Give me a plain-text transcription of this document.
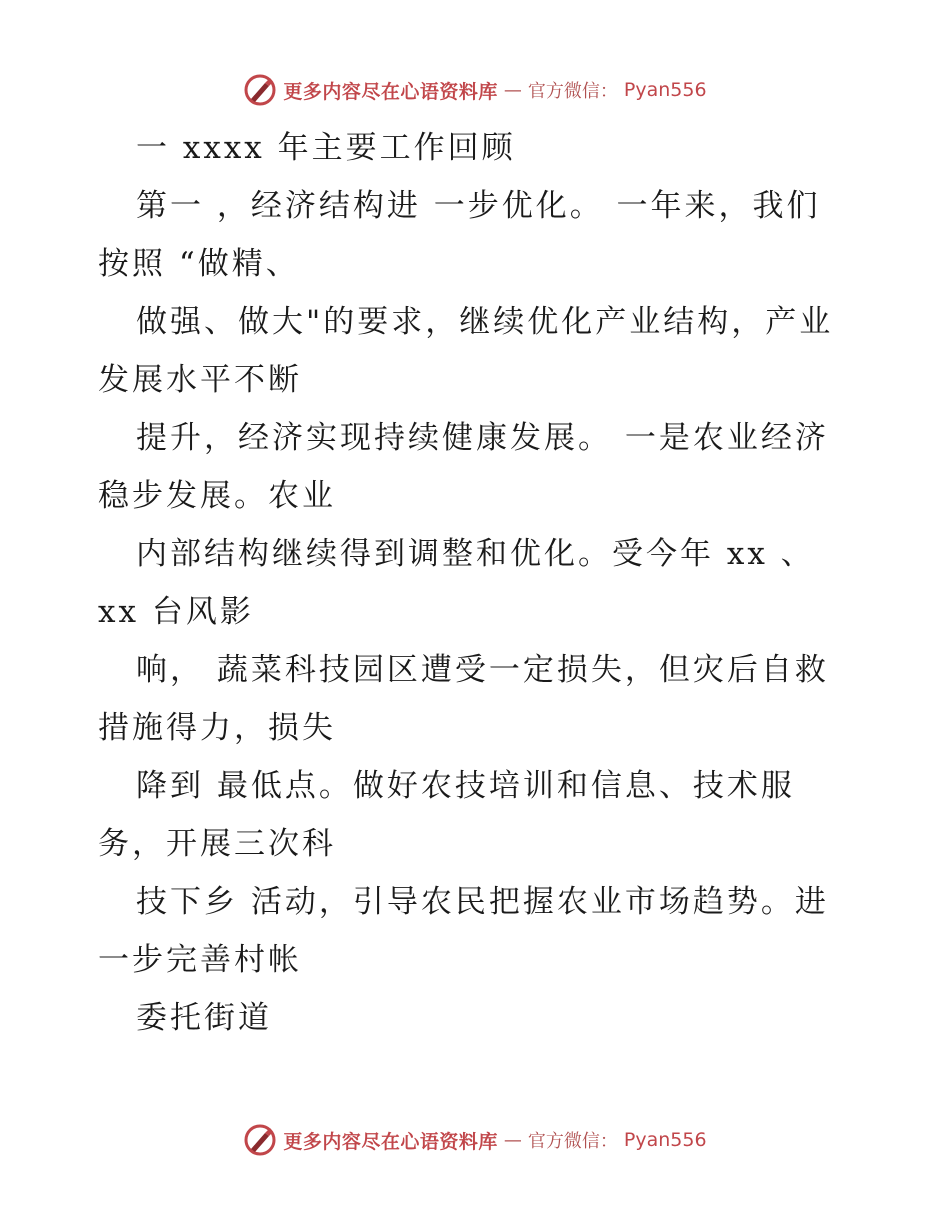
更多内容尽在心语资料库 — 官方微信： Pyan556
一 xxxx 年主要工作回顾
第一 ，经济结构进 一步优化。 一年来，我们
按照 “做精、
做强、做大"的要求，继续优化产业结构，产业
发展水平不断
提升，经济实现持续健康发展。 一是农业经济
稳步发展。农业
内部结构继续得到调整和优化。受今年 xx 、
xx 台风影
响， 蔬菜科技园区遭受一定损失，但灾后自救
措施得力，损失
降到 最低点。做好农技培训和信息、技术服
务，开展三次科
技下乡 活动，引导农民把握农业市场趋势。进
一步完善村帐
委托街道
更多内容尽在心语资料库 — 官方微信： Pyan556
